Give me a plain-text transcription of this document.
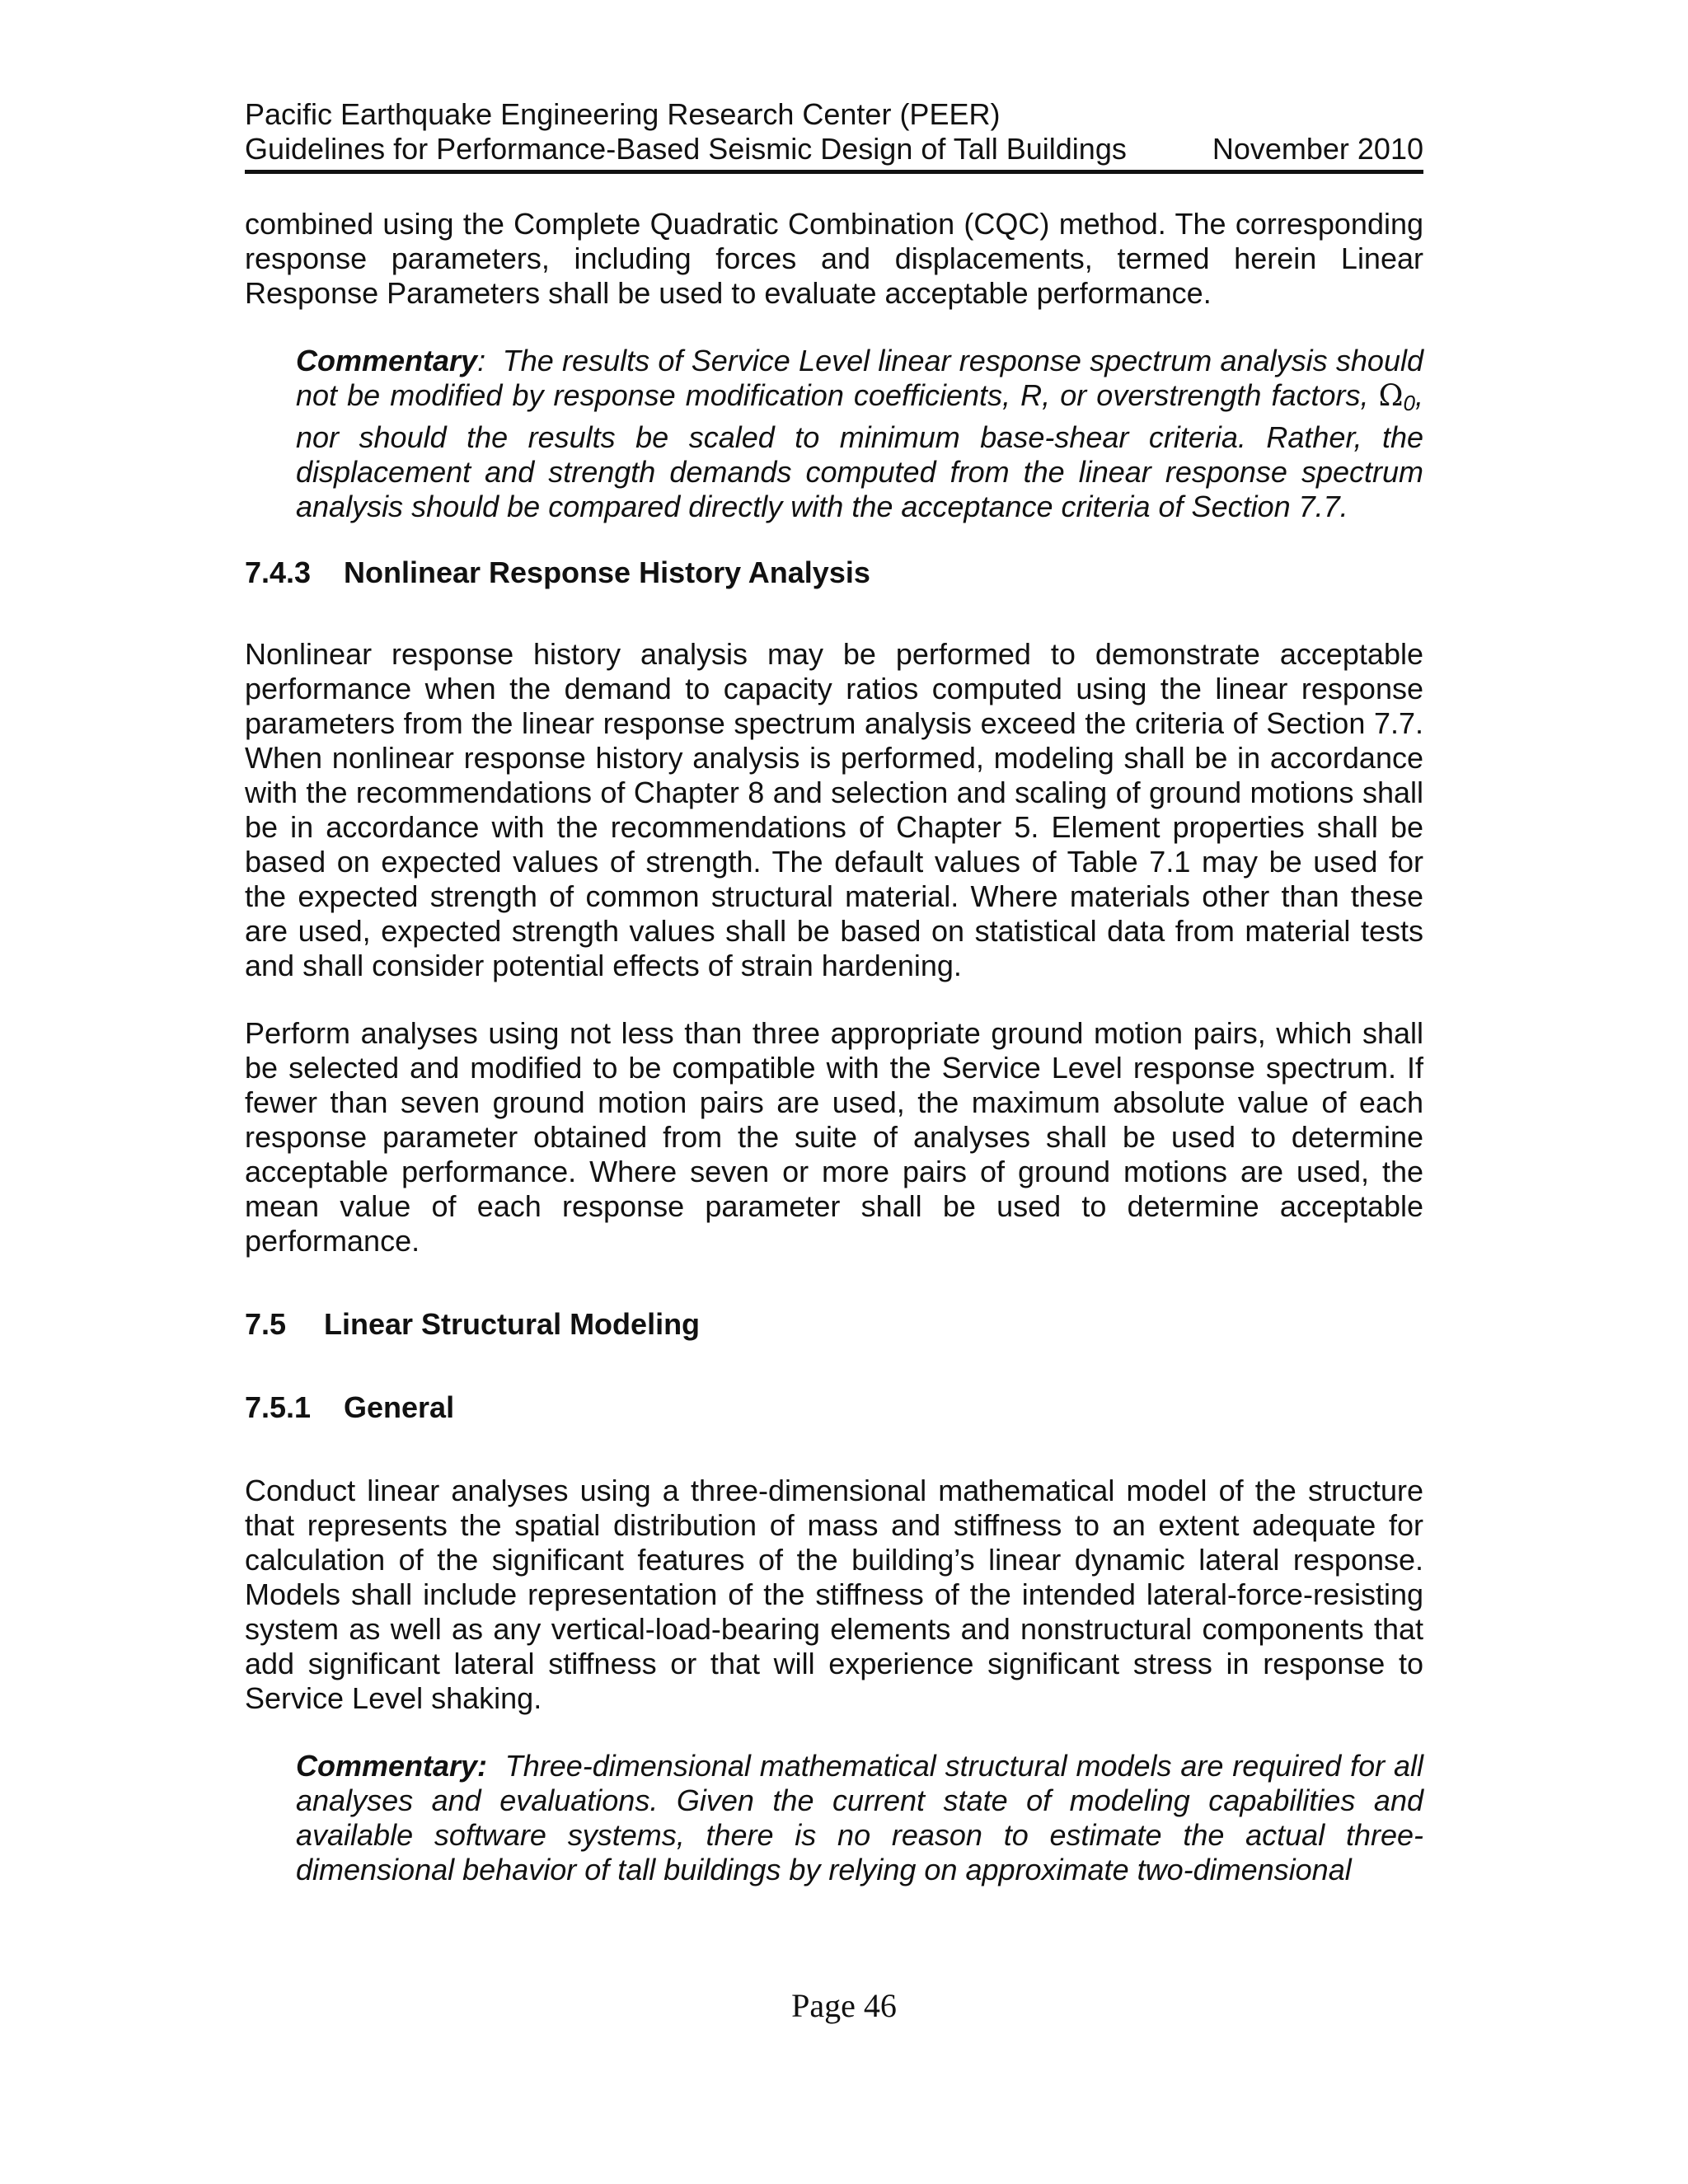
Pacific Earthquake Engineering Research Center (PEER)
Guidelines for Performance-Based Seismic Design of Tall Buildings	November 2010

combined using the Complete Quadratic Combination (CQC) method. The corresponding response parameters, including forces and displacements, termed herein Linear Response Parameters shall be used to evaluate acceptable performance.

Commentary: The results of Service Level linear response spectrum analysis should not be modified by response modification coefficients, R, or overstrength factors, $\Omega_0$, nor should the results be scaled to minimum base-shear criteria. Rather, the displacement and strength demands computed from the linear response spectrum analysis should be compared directly with the acceptance criteria of Section 7.7.

7.4.3 Nonlinear Response History Analysis

Nonlinear response history analysis may be performed to demonstrate acceptable performance when the demand to capacity ratios computed using the linear response parameters from the linear response spectrum analysis exceed the criteria of Section 7.7. When nonlinear response history analysis is performed, modeling shall be in accordance with the recommendations of Chapter 8 and selection and scaling of ground motions shall be in accordance with the recommendations of Chapter 5. Element properties shall be based on expected values of strength. The default values of Table 7.1 may be used for the expected strength of common structural material. Where materials other than these are used, expected strength values shall be based on statistical data from material tests and shall consider potential effects of strain hardening.

Perform analyses using not less than three appropriate ground motion pairs, which shall be selected and modified to be compatible with the Service Level response spectrum. If fewer than seven ground motion pairs are used, the maximum absolute value of each response parameter obtained from the suite of analyses shall be used to determine acceptable performance. Where seven or more pairs of ground motions are used, the mean value of each response parameter shall be used to determine acceptable performance.

7.5 Linear Structural Modeling
7.5.1 General

Conduct linear analyses using a three-dimensional mathematical model of the structure that represents the spatial distribution of mass and stiffness to an extent adequate for calculation of the significant features of the building’s linear dynamic lateral response. Models shall include representation of the stiffness of the intended lateral-force-resisting system as well as any vertical-load-bearing elements and nonstructural components that add significant lateral stiffness or that will experience significant stress in response to Service Level shaking.

Commentary: Three-dimensional mathematical structural models are required for all analyses and evaluations. Given the current state of modeling capabilities and available software systems, there is no reason to estimate the actual three-dimensional behavior of tall buildings by relying on approximate two-dimensional

Page 46
